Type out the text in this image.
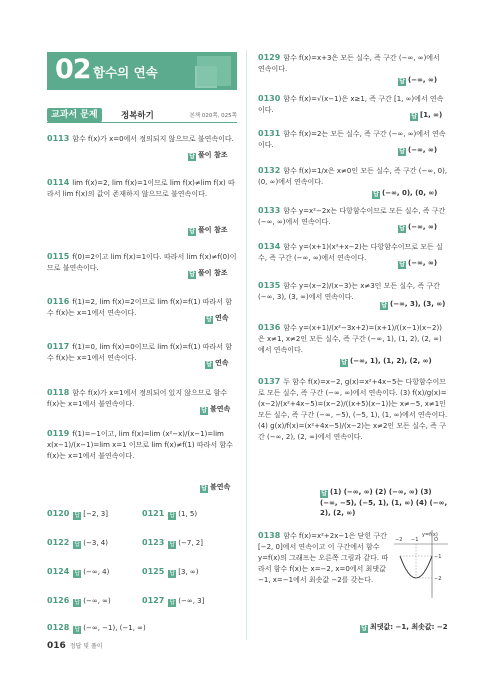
02 함수의 연속
교과서 문제	정복하기	본책 020쪽, 025쪽
0113 함수 f(x)가 x=0에서 정의되지 않으므로 불연속이다.
답 풀이 참조
0114 lim f(x)=2, lim f(x)=1이므로 lim f(x)≠lim f(x) 따라서 lim f(x)의 값이 존재하지 않으므로 불연속이다.
답 풀이 참조
0115 f(0)=2이고 lim f(x)=1이다. 따라서 lim f(x)≠f(0)이므로 불연속이다.
답 풀이 참조
0116 f(1)=2, lim f(x)=2이므로 lim f(x)=f(1) 따라서 함수 f(x)는 x=1에서 연속이다.
답 연속
0117 f(1)=0, lim f(x)=0이므로 lim f(x)=f(1) 따라서 함수 f(x)는 x=1에서 연속이다.
답 연속
0118 함수 f(x)가 x=1에서 정의되어 있지 않으므로 함수 f(x)는 x=1에서 불연속이다.
답 불연속
0119 f(1)=−1이고, lim f(x)=lim (x²−x)/(x−1)=lim x(x−1)/(x−1)=lim x=1 이므로 lim f(x)≠f(1) 따라서 함수 f(x)는 x=1에서 불연속이다.
답 불연속
0120 답 [−2, 3]	0121 답 (1, 5)
0122 답 (−3, 4)	0123 답 (−7, 2]
0124 답 (−∞, 4)	0125 답 [3, ∞)
0126 답 (−∞, ∞)	0127 답 (−∞, 3]
0128 답 (−∞, −1), (−1, ∞)
0129 함수 f(x)=x+3은 모든 실수, 즉 구간 (−∞, ∞)에서 연속이다.
답 (−∞, ∞)
0130 함수 f(x)=√(x−1)은 x≥1, 즉 구간 [1, ∞)에서 연속이다.
답 [1, ∞)
0131 함수 f(x)=2는 모든 실수, 즉 구간 (−∞, ∞)에서 연속이다.
답 (−∞, ∞)
0132 함수 f(x)=1/x은 x≠0인 모든 실수, 즉 구간 (−∞, 0), (0, ∞)에서 연속이다.
답 (−∞, 0), (0, ∞)
0133 함수 y=x²−2x는 다항함수이므로 모든 실수, 즉 구간 (−∞, ∞)에서 연속이다.
답 (−∞, ∞)
0134 함수 y=(x+1)(x²+x−2)는 다항함수이므로 모든 실수, 즉 구간 (−∞, ∞)에서 연속이다.
답 (−∞, ∞)
0135 함수 y=(x−2)/(x−3)는 x≠3인 모든 실수, 즉 구간 (−∞, 3), (3, ∞)에서 연속이다.
답 (−∞, 3), (3, ∞)
0136 함수 y=(x+1)/(x²−3x+2)=(x+1)/((x−1)(x−2))은 x≠1, x≠2인 모든 실수, 즉 구간 (−∞, 1), (1, 2), (2, ∞)에서 연속이다.
답 (−∞, 1), (1, 2), (2, ∞)
0137 두 함수 f(x)=x−2, g(x)=x²+4x−5는 다항함수이므로 모든 실수, 즉 구간 (−∞, ∞)에서 연속이다. (3) f(x)/g(x)=(x−2)/(x²+4x−5)=(x−2)/((x+5)(x−1))는 x≠−5, x≠1인 모든 실수, 즉 구간 (−∞, −5), (−5, 1), (1, ∞)에서 연속이다. (4) g(x)/f(x)=(x²+4x−5)/(x−2)는 x≠2인 모든 실수, 즉 구간 (−∞, 2), (2, ∞)에서 연속이다.
답 (1) (−∞, ∞) (2) (−∞, ∞) (3) (−∞, −5), (−5, 1), (1, ∞) (4) (−∞, 2), (2, ∞)
0138 함수 f(x)=x²+2x−1은 닫힌 구간 [−2, 0]에서 연속이고 이 구간에서 함수 y=f(x)의 그래프는 오른쪽 그림과 같다. 따라서 함수 f(x)는 x=−2, x=0에서 최댓값 −1, x=−1에서 최솟값 −2를 갖는다.
답 최댓값: −1, 최솟값: −2
y=f(x)
−1
−2
−2 −1	O
016 정답 및 풀이
